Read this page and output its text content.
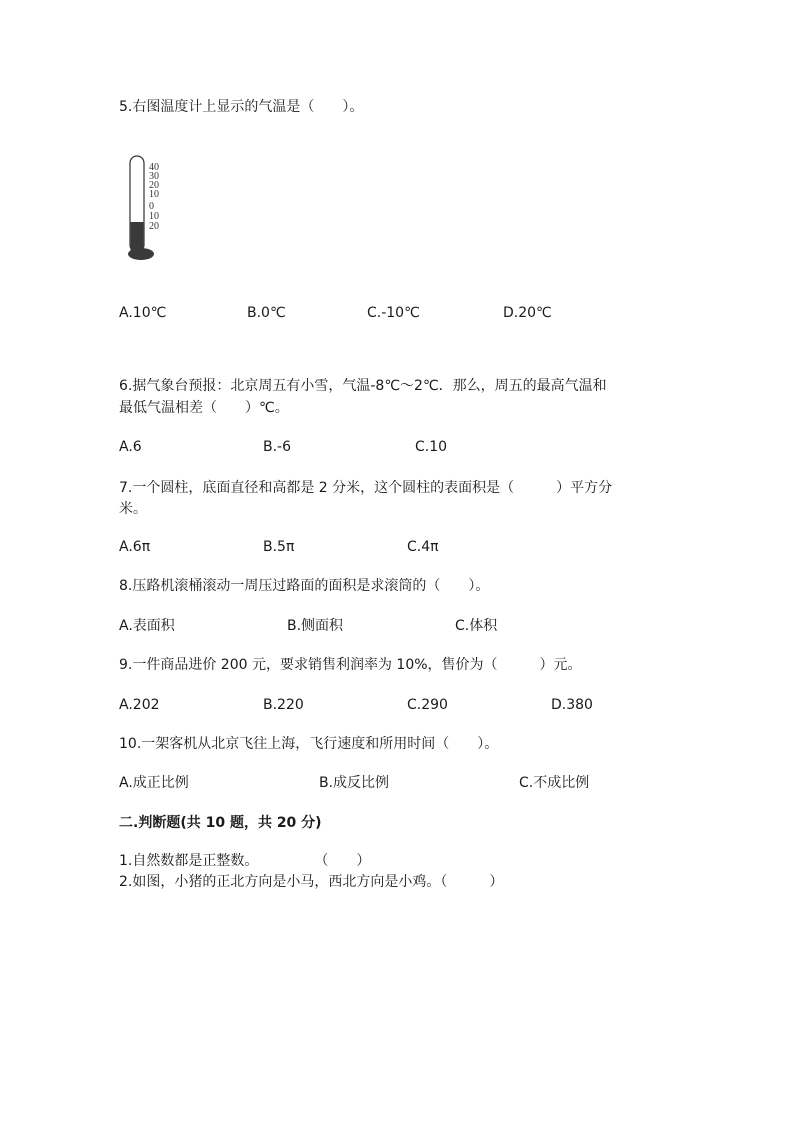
5.右图温度计上显示的气温是（　　）。
40
30
20
10
0
10
20
A.10℃	B.0℃	C.-10℃	D.20℃
6.据气象台预报：北京周五有小雪，气温-8℃～2℃．那么，周五的最高气温和
最低气温相差（　　）℃。
A.6	B.-6	C.10
7.一个圆柱，底面直径和高都是 2 分米，这个圆柱的表面积是（　　　）平方分
米。
A.6π	B.5π	C.4π
8.压路机滚桶滚动一周压过路面的面积是求滚筒的（　　）。
A.表面积	B.侧面积	C.体积
9.一件商品进价 200 元，要求销售利润率为 10%，售价为（　　　）元。
A.202	B.220	C.290	D.380
10.一架客机从北京飞往上海，飞行速度和所用时间（　　）。
A.成正比例	B.成反比例	C.不成比例
二.判断题(共 10 题，共 20 分)
1.自然数都是正整数。　　　　　（　　）
2.如图，小猪的正北方向是小马，西北方向是小鸡。（　　　）
